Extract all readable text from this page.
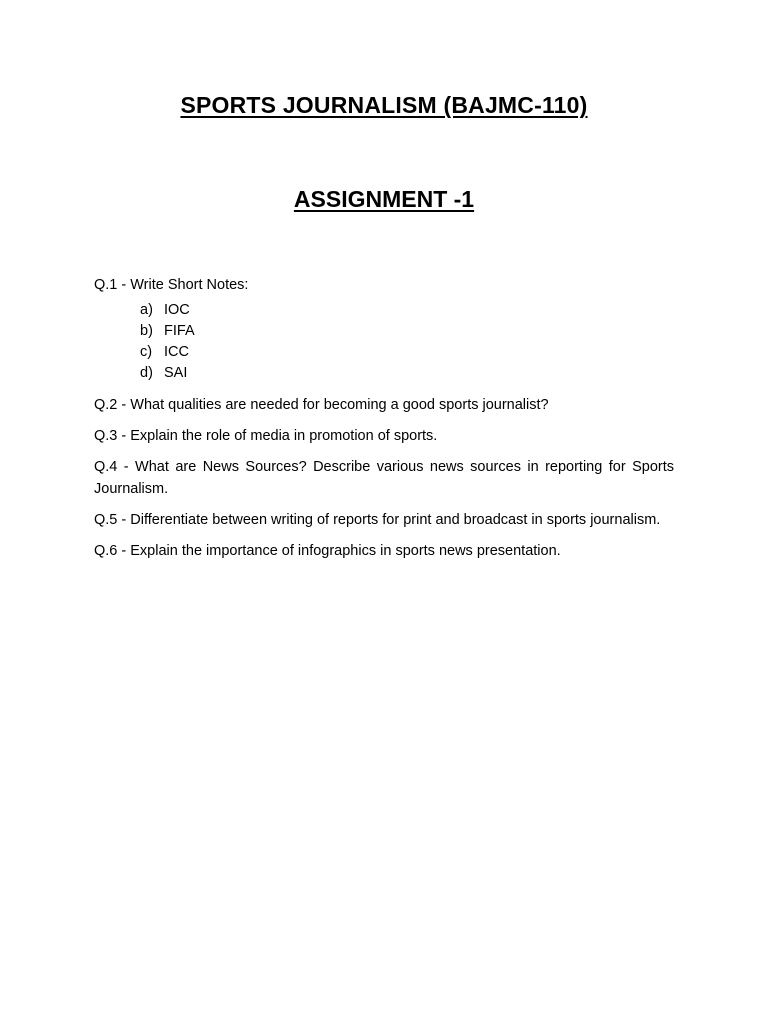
SPORTS JOURNALISM (BAJMC-110)
ASSIGNMENT -1
Q.1 - Write Short Notes:
a) IOC
b) FIFA
c) ICC
d) SAI
Q.2 - What qualities are needed for becoming a good sports journalist?
Q.3 - Explain the role of media in promotion of sports.
Q.4 - What are News Sources? Describe various news sources in reporting for Sports Journalism.
Q.5 - Differentiate between writing of reports for print and broadcast in sports journalism.
Q.6 - Explain the importance of infographics in sports news presentation.
